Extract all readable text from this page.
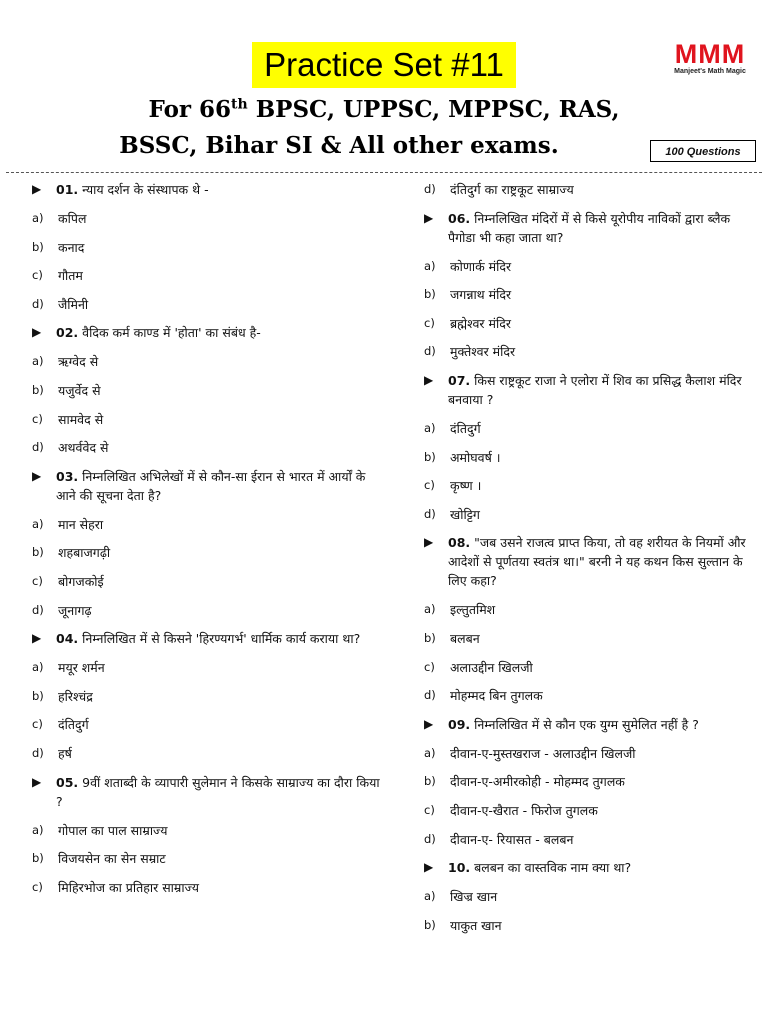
Practice Set #11
For 66th BPSC, UPPSC, MPPSC, RAS,
BSSC, Bihar SI & All other exams.
MMM
Manjeet's Math Magic
100 Questions
▶ 01. न्याय दर्शन के संस्थापक थे -
a) कपिल
b) कनाद
c) गौतम
d) जैमिनी
▶ 02. वैदिक कर्म काण्ड में 'होता' का संबंध है-
a) ऋग्वेद से
b) यजुर्वेद से
c) सामवेद से
d) अथर्ववेद से
▶ 03. निम्नलिखित अभिलेखों में से कौन-सा ईरान से भारत में आर्यों के आने की सूचना देता है?
a) मान सेहरा
b) शहबाजगढ़ी
c) बोगजकोई
d) जूनागढ़
▶ 04. निम्नलिखित में से किसने 'हिरण्यगर्भ' धार्मिक कार्य कराया था?
a) मयूर शर्मन
b) हरिश्चंद्र
c) दंतिदुर्ग
d) हर्ष
▶ 05. 9वीं शताब्दी के व्यापारी सुलेमान ने किसके साम्राज्य का दौरा किया ?
a) गोपाल का पाल साम्राज्य
b) विजयसेन का सेन सम्राट
c) मिहिरभोज का प्रतिहार साम्राज्य
d) दंतिदुर्ग का राष्ट्रकूट साम्राज्य
▶ 06. निम्नलिखित मंदिरों में से किसे यूरोपीय नाविकों द्वारा ब्लैक पैगोडा भी कहा जाता था?
a) कोणार्क मंदिर
b) जगन्नाथ मंदिर
c) ब्रह्मेश्वर मंदिर
d) मुक्तेश्वर मंदिर
▶ 07. किस राष्ट्रकूट राजा ने एलोरा में शिव का प्रसिद्ध कैलाश मंदिर बनवाया ?
a) दंतिदुर्ग
b) अमोघवर्ष ।
c) कृष्ण ।
d) खोट्टिग
▶ 08. "जब उसने राजत्व प्राप्त किया, तो वह शरीयत के नियमों और आदेशों से पूर्णतया स्वतंत्र था।" बरनी ने यह कथन किस सुल्तान के लिए कहा?
a) इल्तुतमिश
b) बलबन
c) अलाउद्दीन खिलजी
d) मोहम्मद बिन तुगलक
▶ 09. निम्नलिखित में से कौन एक युग्म सुमेलित नहीं है ?
a) दीवान-ए-मुस्तखराज - अलाउद्दीन खिलजी
b) दीवान-ए-अमीरकोही - मोहम्मद तुगलक
c) दीवान-ए-खैरात - फिरोज तुगलक
d) दीवान-ए- रियासत - बलबन
▶ 10. बलबन का वास्तविक नाम क्या था?
a) खिज्र खान
b) याकुत खान
